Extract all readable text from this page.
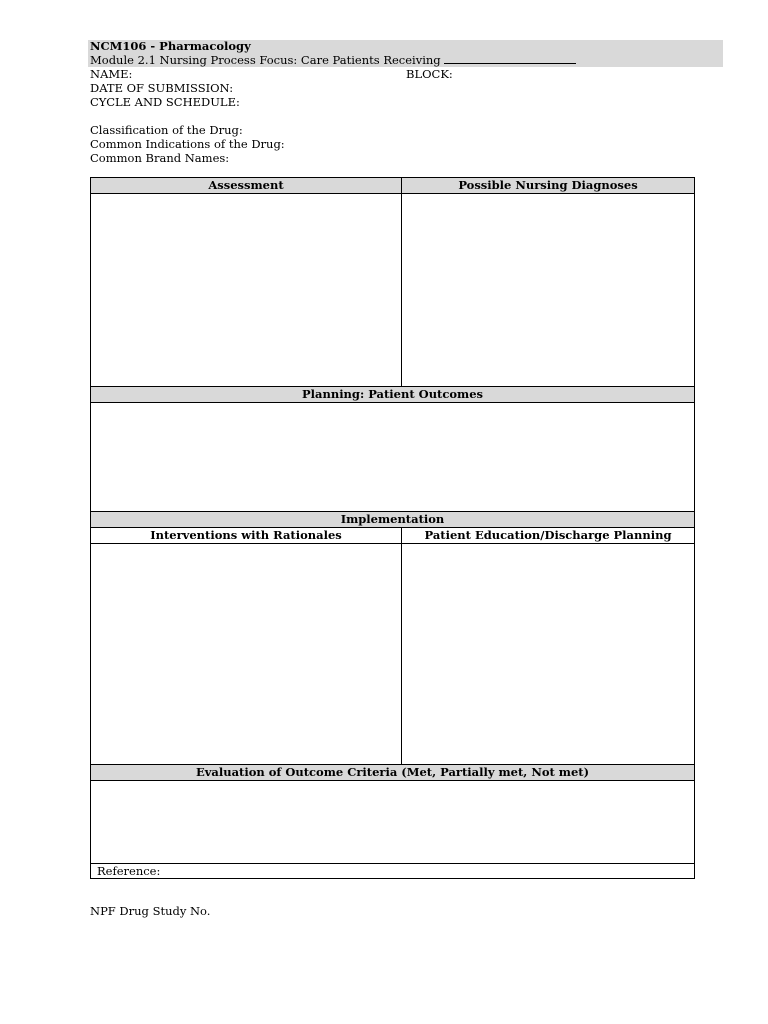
NCM106 - Pharmacology
Module 2.1 Nursing Process Focus: Care Patients Receiving
NAME:	BLOCK:
DATE OF SUBMISSION:
CYCLE AND SCHEDULE:
Classification of the Drug:
Common Indications of the Drug:
Common Brand Names:
Assessment	Possible Nursing Diagnoses
Planning: Patient Outcomes
Implementation
Interventions with Rationales	Patient Education/Discharge Planning
Evaluation of Outcome Criteria (Met, Partially met, Not met)
Reference:
NPF Drug Study No.
